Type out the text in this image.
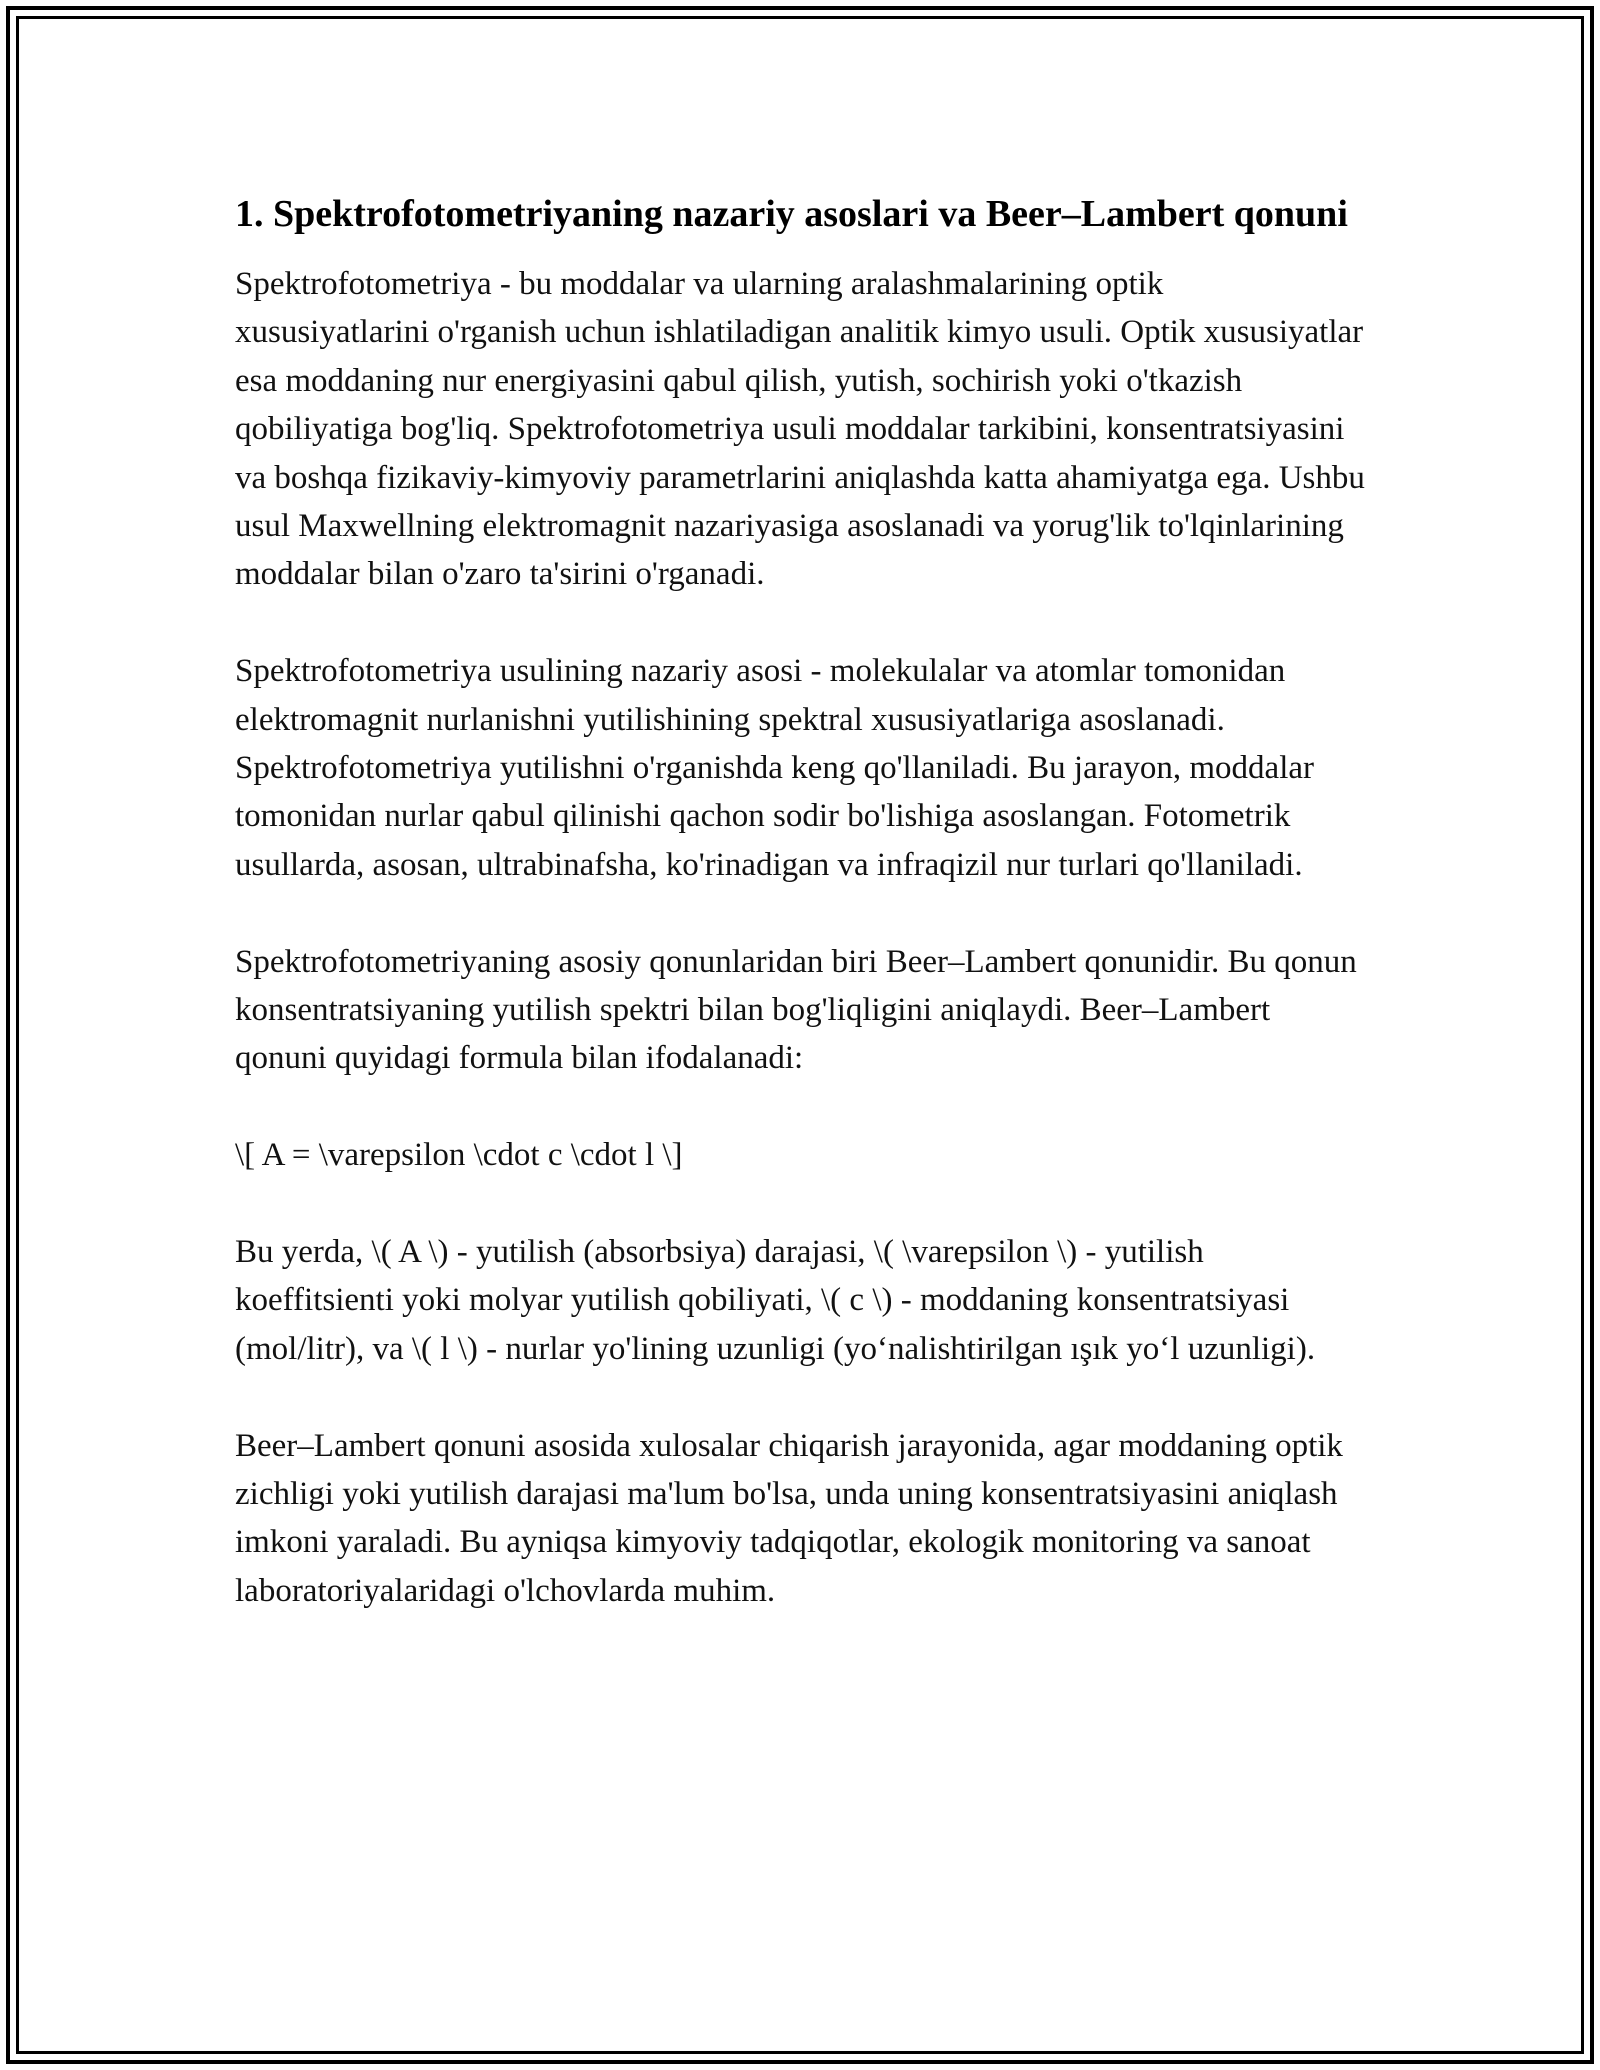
1. Spektrofotometriyaning nazariy asoslari va Beer–Lambert qonuni

Spektrofotometriya - bu moddalar va ularning aralashmalarining optik xususiyatlarini o'rganish uchun ishlatiladigan analitik kimyo usuli. Optik xususiyatlar esa moddaning nur energiyasini qabul qilish, yutish, sochirish yoki o'tkazish qobiliyatiga bog'liq. Spektrofotometriya usuli moddalar tarkibini, konsentratsiyasini va boshqa fizikaviy-kimyoviy parametrlarini aniqlashda katta ahamiyatga ega. Ushbu usul Maxwellning elektromagnit nazariyasiga asoslanadi va yorug'lik to'lqinlarining moddalar bilan o'zaro ta'sirini o'rganadi.

Spektrofotometriya usulining nazariy asosi - molekulalar va atomlar tomonidan elektromagnit nurlanishni yutilishining spektral xususiyatlariga asoslanadi. Spektrofotometriya yutilishni o'rganishda keng qo'llaniladi. Bu jarayon, moddalar tomonidan nurlar qabul qilinishi qachon sodir bo'lishiga asoslangan. Fotometrik usullarda, asosan, ultrabinafsha, ko'rinadigan va infraqizil nur turlari qo'llaniladi.

Spektrofotometriyaning asosiy qonunlaridan biri Beer–Lambert qonunidir. Bu qonun konsentratsiyaning yutilish spektri bilan bog'liqligini aniqlaydi. Beer–Lambert qonuni quyidagi formula bilan ifodalanadi:

\[ A = \varepsilon \cdot c \cdot l \]

Bu yerda, \( A \) - yutilish (absorbsiya) darajasi, \( \varepsilon \) - yutilish koeffitsienti yoki molyar yutilish qobiliyati, \( c \) - moddaning konsentratsiyasi (mol/litr), va \( l \) - nurlar yo'lining uzunligi (yo‘nalishtirilgan ışık yo‘l uzunligi).

Beer–Lambert qonuni asosida xulosalar chiqarish jarayonida, agar moddaning optik zichligi yoki yutilish darajasi ma'lum bo'lsa, unda uning konsentratsiyasini aniqlash imkoni yaraladi. Bu ayniqsa kimyoviy tadqiqotlar, ekologik monitoring va sanoat laboratoriyalaridagi o'lchovlarda muhim.
